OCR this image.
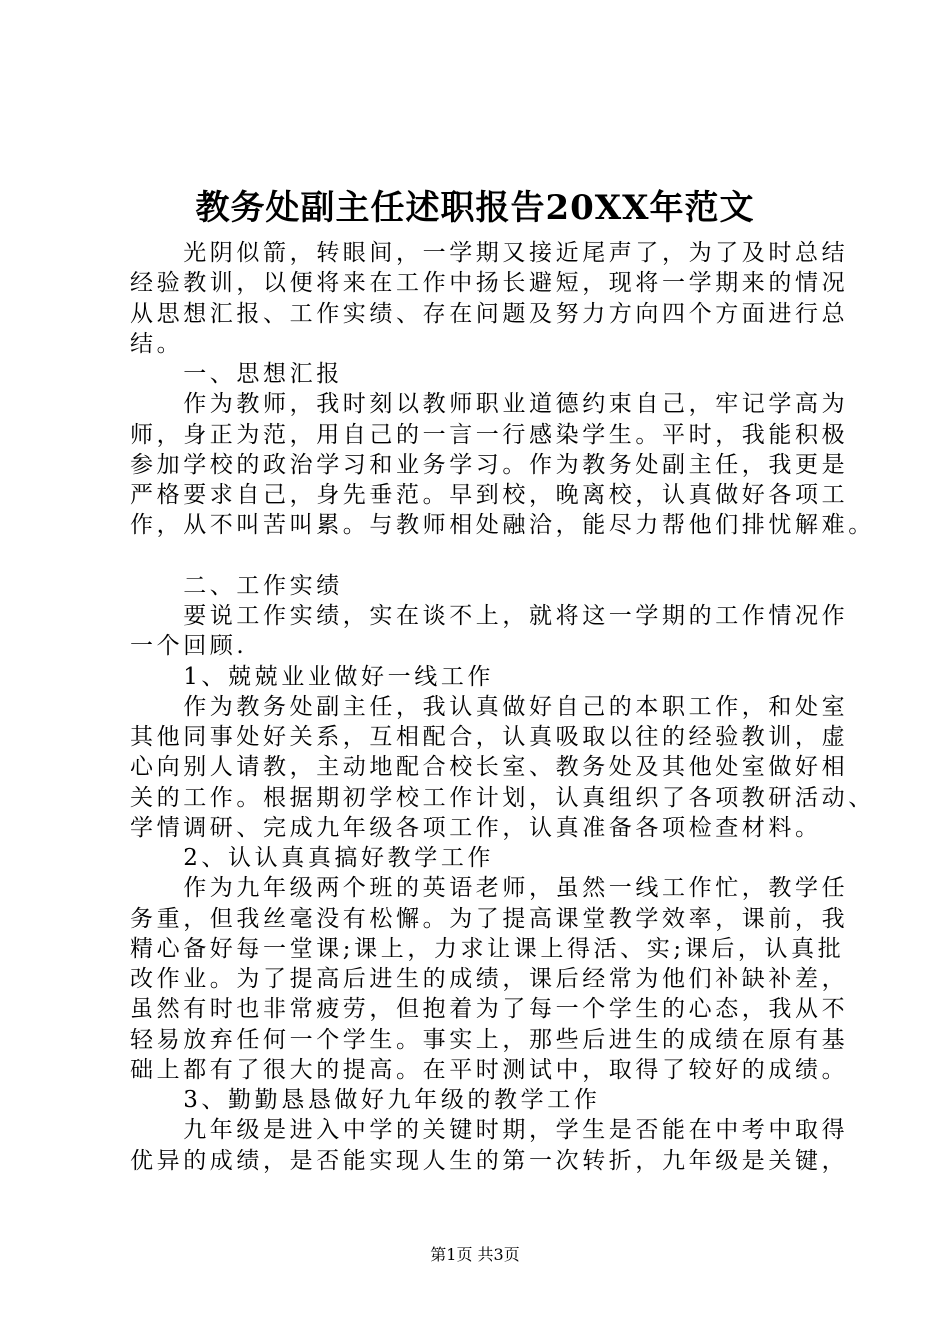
教务处副主任述职报告20XX年范文
　　光阴似箭，转眼间，一学期又接近尾声了，为了及时总结
经验教训，以便将来在工作中扬长避短，现将一学期来的情况
从思想汇报、工作实绩、存在问题及努力方向四个方面进行总
结。
　　一、思想汇报
　　作为教师，我时刻以教师职业道德约束自己，牢记学高为
师，身正为范，用自己的一言一行感染学生。平时，我能积极
参加学校的政治学习和业务学习。作为教务处副主任，我更是
严格要求自己，身先垂范。早到校，晚离校，认真做好各项工
作，从不叫苦叫累。与教师相处融洽，能尽力帮他们排忧解难。
　　二、工作实绩
　　要说工作实绩，实在谈不上，就将这一学期的工作情况作
一个回顾.
　　1、兢兢业业做好一线工作
　　作为教务处副主任，我认真做好自己的本职工作，和处室
其他同事处好关系，互相配合，认真吸取以往的经验教训，虚
心向别人请教，主动地配合校长室、教务处及其他处室做好相
关的工作。根据期初学校工作计划，认真组织了各项教研活动、
学情调研、完成九年级各项工作，认真准备各项检查材料。
　　2、认认真真搞好教学工作
　　作为九年级两个班的英语老师，虽然一线工作忙，教学任
务重，但我丝毫没有松懈。为了提高课堂教学效率，课前，我
精心备好每一堂课;课上，力求让课上得活、实;课后，认真批
改作业。为了提高后进生的成绩，课后经常为他们补缺补差，
虽然有时也非常疲劳，但抱着为了每一个学生的心态，我从不
轻易放弃任何一个学生。事实上，那些后进生的成绩在原有基
础上都有了很大的提高。在平时测试中，取得了较好的成绩。
　　3、勤勤恳恳做好九年级的教学工作
　　九年级是进入中学的关键时期，学生是否能在中考中取得
优异的成绩，是否能实现人生的第一次转折，九年级是关键，
第1页 共3页
